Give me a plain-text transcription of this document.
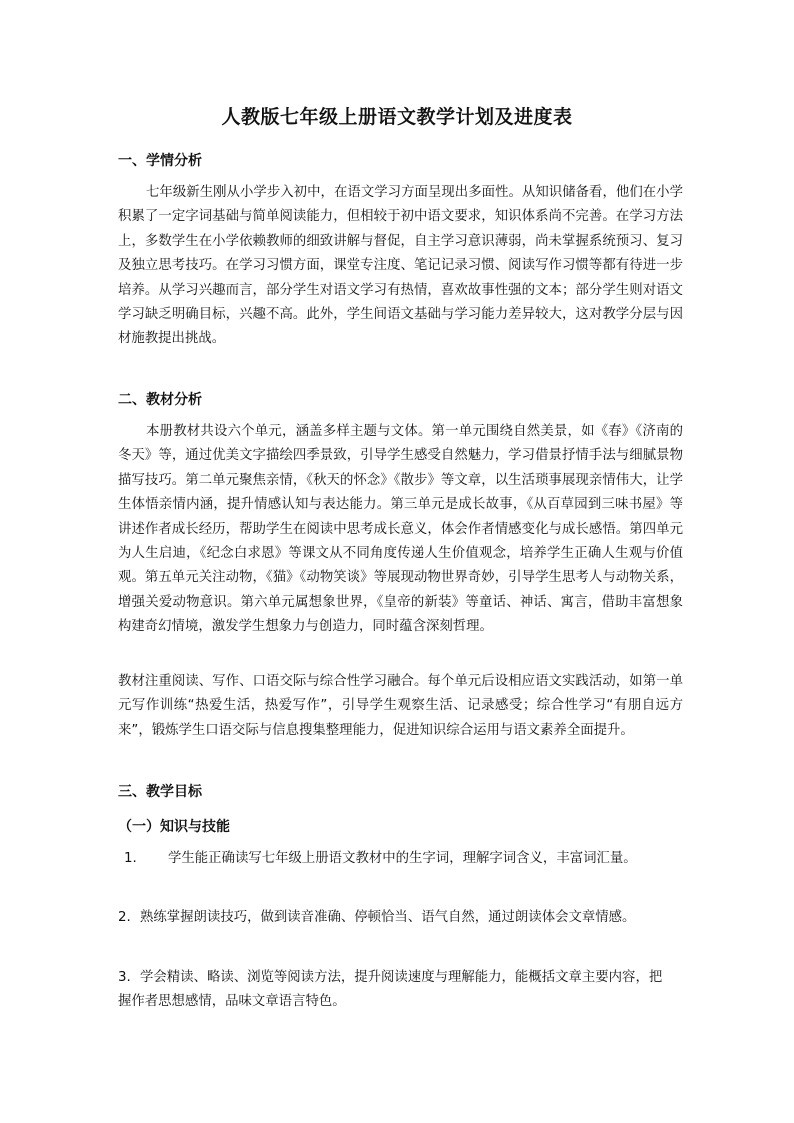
人教版七年级上册语文教学计划及进度表
一、学情分析

七年级新生刚从小学步入初中，在语文学习方面呈现出多面性。从知识储备看，他们在小学积累了一定字词基础与简单阅读能力，但相较于初中语文要求，知识体系尚不完善。在学习方法上，多数学生在小学依赖教师的细致讲解与督促，自主学习意识薄弱，尚未掌握系统预习、复习及独立思考技巧。在学习习惯方面，课堂专注度、笔记记录习惯、阅读写作习惯等都有待进一步培养。从学习兴趣而言，部分学生对语文学习有热情，喜欢故事性强的文本；部分学生则对语文学习缺乏明确目标，兴趣不高。此外，学生间语文基础与学习能力差异较大，这对教学分层与因材施教提出挑战。

二、教材分析

本册教材共设六个单元，涵盖多样主题与文体。第一单元围绕自然美景，如《春》《济南的冬天》等，通过优美文字描绘四季景致，引导学生感受自然魅力，学习借景抒情手法与细腻景物描写技巧。第二单元聚焦亲情，《秋天的怀念》《散步》等文章，以生活琐事展现亲情伟大，让学生体悟亲情内涵，提升情感认知与表达能力。第三单元是成长故事，《从百草园到三味书屋》等讲述作者成长经历，帮助学生在阅读中思考成长意义，体会作者情感变化与成长感悟。第四单元为人生启迪，《纪念白求恩》等课文从不同角度传递人生价值观念，培养学生正确人生观与价值观。第五单元关注动物，《猫》《动物笑谈》等展现动物世界奇妙，引导学生思考人与动物关系，增强关爱动物意识。第六单元属想象世界，《皇帝的新装》等童话、神话、寓言，借助丰富想象构建奇幻情境，激发学生想象力与创造力，同时蕴含深刻哲理。

教材注重阅读、写作、口语交际与综合性学习融合。每个单元后设相应语文实践活动，如第一单元写作训练“热爱生活，热爱写作”，引导学生观察生活、记录感受；综合性学习“有朋自远方来”，锻炼学生口语交际与信息搜集整理能力，促进知识综合运用与语文素养全面提升。

三、教学目标
（一）知识与技能

1. 学生能正确读写七年级上册语文教材中的生字词，理解字词含义，丰富词汇量。

2. 熟练掌握朗读技巧，做到读音准确、停顿恰当、语气自然，通过朗读体会文章情感。

3. 学会精读、略读、浏览等阅读方法，提升阅读速度与理解能力，能概括文章主要内容，把握作者思想感情，品味文章语言特色。
